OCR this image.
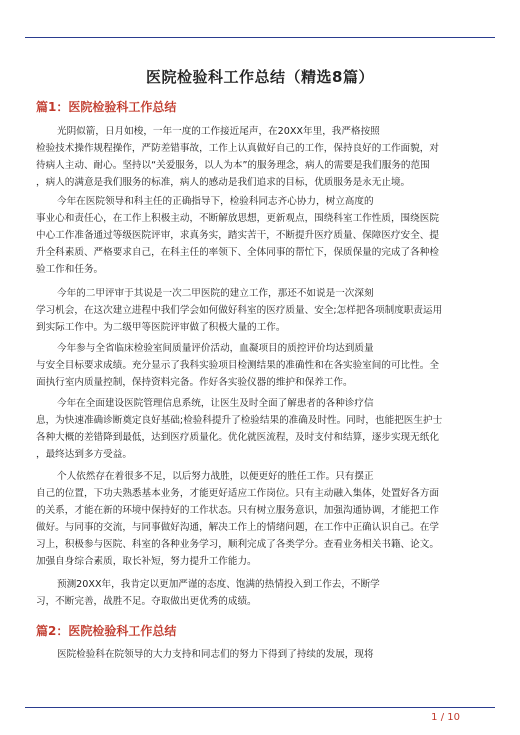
医院检验科工作总结（精选8篇）
篇1：医院检验科工作总结
光阴似箭，日月如梭，一年一度的工作接近尾声，在20XX年里，我严格按照
检验技术操作规程操作，严防差错事故，工作上认真做好自己的工作，保持良好的工作面貌，对
待病人主动、耐心。坚持以“关爱服务，以人为本”的服务理念，病人的需要是我们服务的范围
，病人的满意是我们服务的标准，病人的感动是我们追求的目标，优质服务是永无止境。
今年在医院领导和科主任的正确指导下，检验科同志齐心协力，树立高度的
事业心和责任心，在工作上积极主动，不断解放思想，更新观点，围绕科室工作性质，围绕医院
中心工作准备通过等级医院评审，求真务实，踏实苦干，不断提升医疗质量、保障医疗安全、提
升全科素质、严格要求自己，在科主任的率领下、全体同事的帮忙下，保质保量的完成了各种检
验工作和任务。
今年的二甲评审于其说是一次二甲医院的建立工作，那还不如说是一次深刻
学习机会，在这次建立进程中我们学会如何做好科室的医疗质量、安全;怎样把各项制度职责运用
到实际工作中。为二级甲等医院评审做了积极大量的工作。
今年参与全省临床检验室间质量评价活动，血凝项目的质控评价均达到质量
与安全目标要求成绩。充分显示了我科实验项目检测结果的准确性和在各实验室间的可比性。全
面执行室内质量控制，保持资料完备。作好各实验仪器的维护和保养工作。
今年在全面建设医院管理信息系统，让医生及时全面了解患者的各种诊疗信
息，为快速准确诊断奠定良好基础;检验科提升了检验结果的准确及时性。同时，也能把医生护士
各种大概的差错降到最低，达到医疗质量化。优化就医流程，及时支付和结算，逐步实现无纸化
，最终达到多方受益。
个人依然存在着很多不足，以后努力战胜，以便更好的胜任工作。只有摆正
自己的位置，下功夫熟悉基本业务，才能更好适应工作岗位。只有主动融入集体，处置好各方面
的关系，才能在新的环境中保持好的工作状态。只有树立服务意识，加强沟通协调，才能把工作
做好。与同事的交流，与同事做好沟通，解决工作上的情绪问题，在工作中正确认识自己。在学
习上，积极参与医院、科室的各种业务学习，顺利完成了各类学分。查看业务相关书籍、论文。
加强自身综合素质，取长补短，努力提升工作能力。
预测20XX年，我肯定以更加严谨的态度、饱满的热情投入到工作去，不断学
习，不断完善，战胜不足。夺取做出更优秀的成绩。
篇2：医院检验科工作总结
医院检验科在院领导的大力支持和同志们的努力下得到了持续的发展，现将
1 / 10
